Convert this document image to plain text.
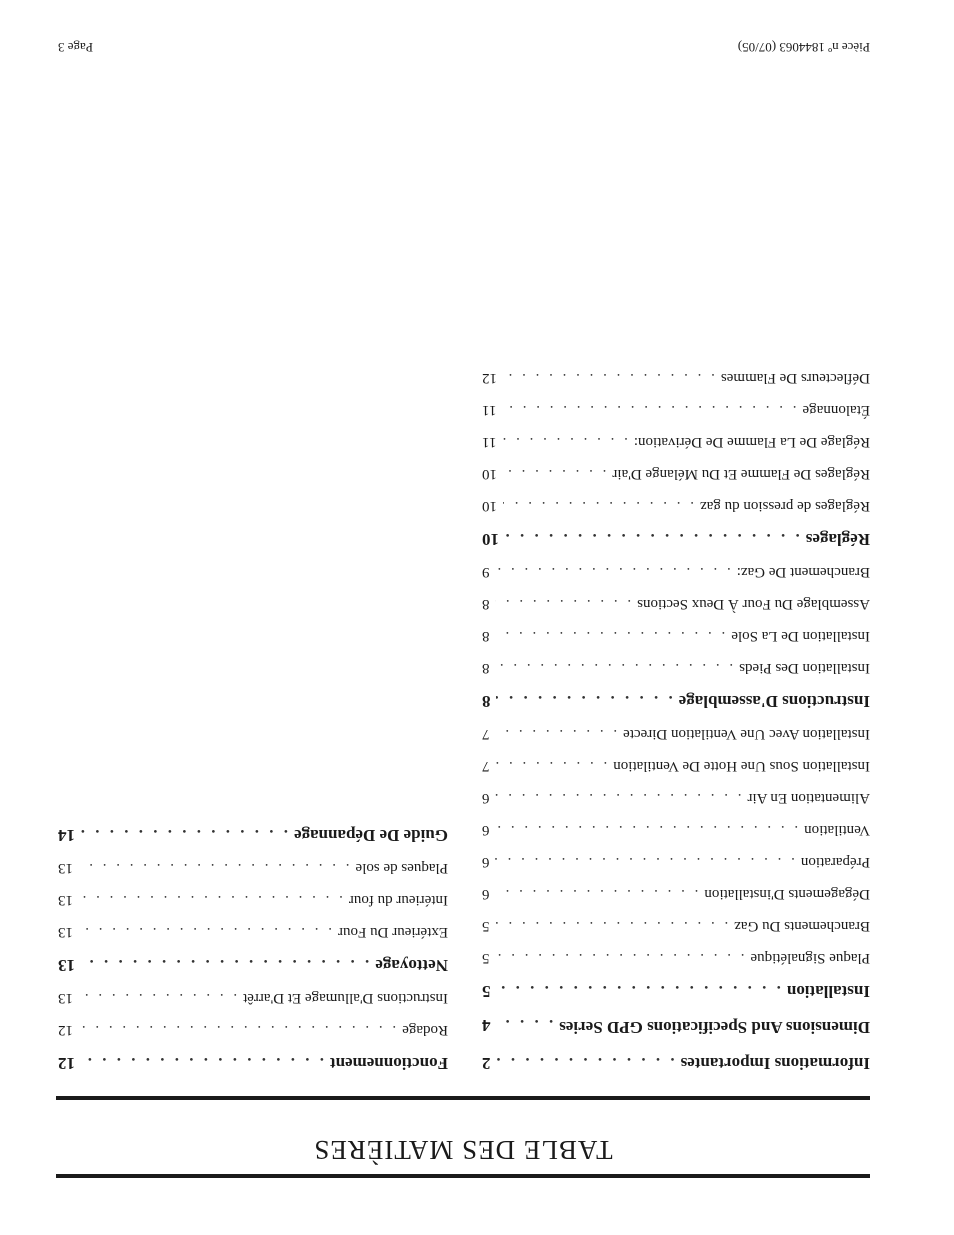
TABLE DES MATIÈRES
Informations Importantes
. . .
2
Dimensions And Specifications GPD Series
. . .
4
Installation
. . .
5
Plaque Signalétique
. . .
5
Branchements Du Gaz
. . .
5
Dégagements D'installation
. . .
6
Préparation
. . .
6
Ventilation
. . .
6
Alimentation En Air
. . .
6
Installation Sous Une Hotte De Ventilation
. . .
7
Installation Avec Une Ventilation Directe
. . .
7
Instructions D'assemblage
. . .
8
Installation Des Pieds
. . .
8
Installation De La Sole
. . .
8
Assemblage Du Four À Deux Sections
. . .
8
Branchement De Gaz:
. . .
9
Réglages
. . .
10
Réglages de pression du gaz
. . .
10
Réglages De Flamme Et Du Mélange D'air
. . .
10
Réglage De La Flamme De Dérivation:
. . .
11
Étalonnage
. . .
11
Déflecteurs De Flammes
. . .
12
Fonctionnement
. . .
12
Rodage
. . .
12
Instructions D'allumage Et D'arrêt
. . .
13
Nettoyage
. . .
13
Extérieur Du Four
. . .
13
Intérieur du four
. . .
13
Plaques de sole
. . .
13
Guide De Dépannage
. . .
14
Pièce nº 1844063 (07/05)
Page 3
